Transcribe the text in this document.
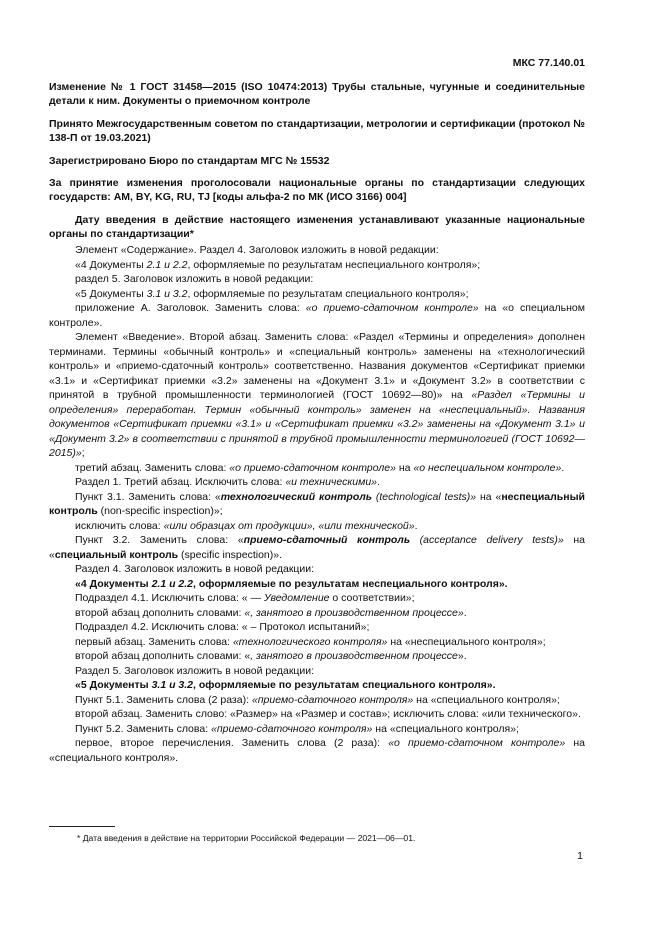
МКС 77.140.01

Изменение № 1 ГОСТ 31458—2015 (ISO 10474:2013) Трубы стальные, чугунные и соединительные детали к ним. Документы о приемочном контроле

Принято Межгосударственным советом по стандартизации, метрологии и сертификации (протокол № 138-П от 19.03.2021)

Зарегистрировано Бюро по стандартам МГС № 15532

За принятие изменения проголосовали национальные органы по стандартизации следующих государств: AM, BY, KG, RU, TJ [коды альфа-2 по МК (ИСО 3166) 004]

Дату введения в действие настоящего изменения устанавливают указанные национальные органы по стандартизации*

Элемент «Содержание». Раздел 4. Заголовок изложить в новой редакции:

«4 Документы 2.1 и 2.2, оформляемые по результатам неспециального контроля»;

раздел 5. Заголовок изложить в новой редакции:

«5 Документы 3.1 и 3.2, оформляемые по результатам специального контроля»;

приложение А. Заголовок. Заменить слова: «о приемо-сдаточном контроле» на «о специальном контроле».

Элемент «Введение». Второй абзац. Заменить слова: «Раздел «Термины и определения» дополнен терминами. Термины «обычный контроль» и «специальный контроль» заменены на «технологический контроль» и «приемо-сдаточный контроль» соответственно. Названия документов «Сертификат приемки «3.1» и «Сертификат приемки «3.2» заменены на «Документ 3.1» и «Документ 3.2» в соответствии с принятой в трубной промышленности терминологией (ГОСТ 10692—80)» на «Раздел «Термины и определения» переработан. Термин «обычный контроль» заменен на «неспециальный». Названия документов «Сертификат приемки «3.1» и «Сертификат приемки «3.2» заменены на «Документ 3.1» и «Документ 3.2» в соответствии с принятой в трубной промышленности терминологией (ГОСТ 10692—2015)»;

третий абзац. Заменить слова: «о приемо-сдаточном контроле» на «о неспециальном контроле».

Раздел 1. Третий абзац. Исключить слова: «и техническими».

Пункт 3.1. Заменить слова: «технологический контроль (technological tests)» на «неспециальный контроль (non-specific inspection)»;

исключить слова: «или образцах от продукции», «или технической».

Пункт 3.2. Заменить слова: «приемо-сдаточный контроль (acceptance delivery tests)» на «специальный контроль (specific inspection)».

Раздел 4. Заголовок изложить в новой редакции:

«4 Документы 2.1 и 2.2, оформляемые по результатам неспециального контроля».

Подраздел 4.1. Исключить слова: « — Уведомление о соответствии»;

второй абзац дополнить словами: «, занятого в производственном процессе».

Подраздел 4.2. Исключить слова: « – Протокол испытаний»;

первый абзац. Заменить слова: «технологического контроля» на «неспециального контроля»;

второй абзац дополнить словами: «, занятого в производственном процессе».

Раздел 5. Заголовок изложить в новой редакции:

«5 Документы 3.1 и 3.2, оформляемые по результатам специального контроля».

Пункт 5.1. Заменить слова (2 раза): «приемо-сдаточного контроля» на «специального контроля»;

второй абзац. Заменить слово: «Размер» на «Размер и состав»; исключить слова: «или технического».

Пункт 5.2. Заменить слова: «приемо-сдаточного контроля» на «специального контроля»;

первое, второе перечисления. Заменить слова (2 раза): «о приемо-сдаточном контроле» на «специального контроля».

* Дата введения в действие на территории Российской Федерации — 2021—06—01.
1
